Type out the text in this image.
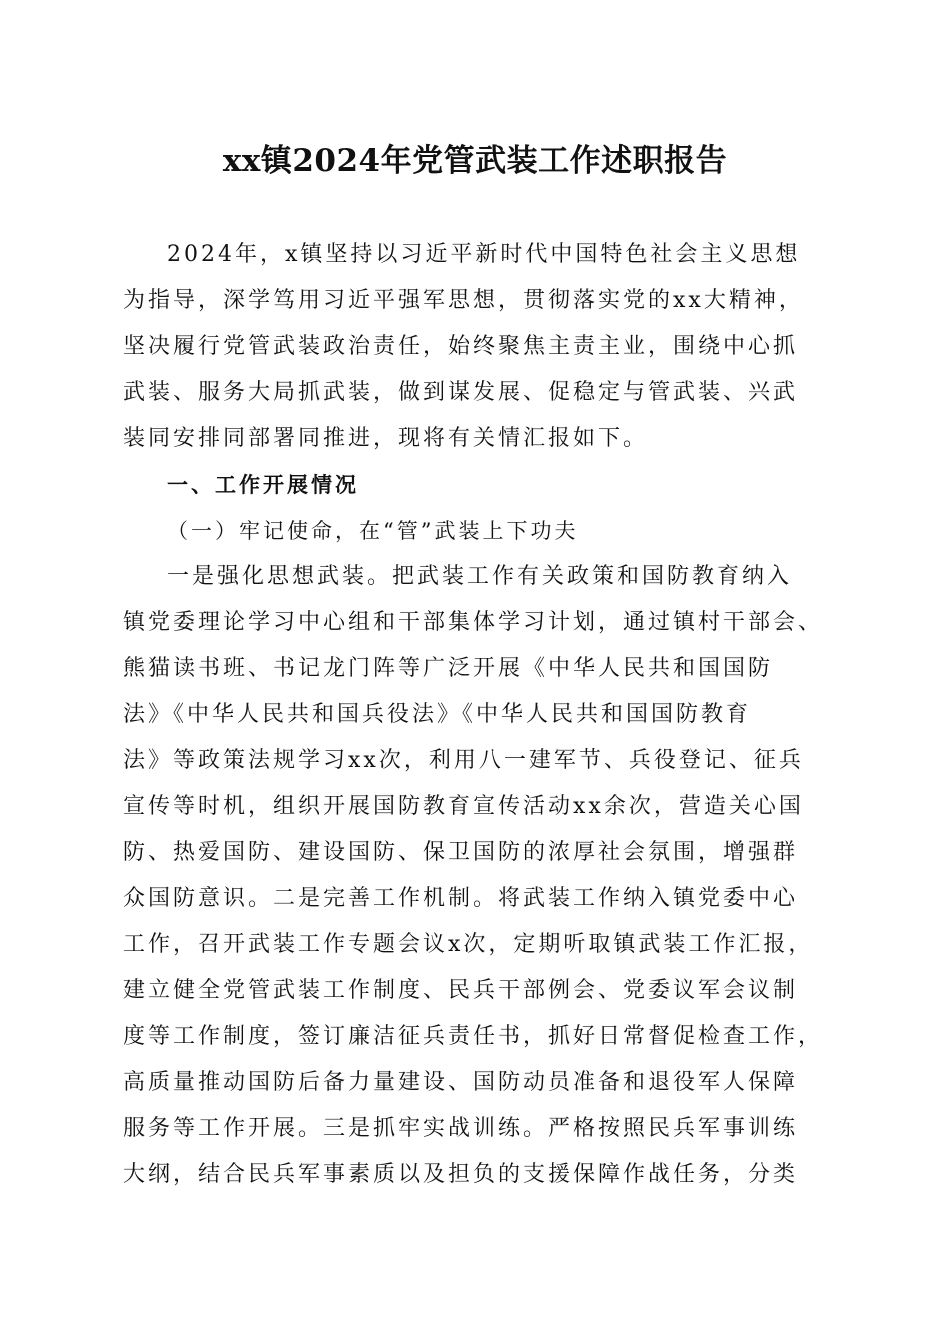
xx镇2024年党管武装工作述职报告
2024年，x镇坚持以习近平新时代中国特色社会主义思想
为指导，深学笃用习近平强军思想，贯彻落实党的xx大精神，
坚决履行党管武装政治责任，始终聚焦主责主业，围绕中心抓
武装、服务大局抓武装，做到谋发展、促稳定与管武装、兴武
装同安排同部署同推进，现将有关情汇报如下。
一、工作开展情况
（一）牢记使命，在“管”武装上下功夫
一是强化思想武装。把武装工作有关政策和国防教育纳入
镇党委理论学习中心组和干部集体学习计划，通过镇村干部会、
熊猫读书班、书记龙门阵等广泛开展《中华人民共和国国防
法》《中华人民共和国兵役法》《中华人民共和国国防教育
法》等政策法规学习xx次，利用八一建军节、兵役登记、征兵
宣传等时机，组织开展国防教育宣传活动xx余次，营造关心国
防、热爱国防、建设国防、保卫国防的浓厚社会氛围，增强群
众国防意识。二是完善工作机制。将武装工作纳入镇党委中心
工作，召开武装工作专题会议x次，定期听取镇武装工作汇报，
建立健全党管武装工作制度、民兵干部例会、党委议军会议制
度等工作制度，签订廉洁征兵责任书，抓好日常督促检查工作，
高质量推动国防后备力量建设、国防动员准备和退役军人保障
服务等工作开展。三是抓牢实战训练。严格按照民兵军事训练
大纲，结合民兵军事素质以及担负的支援保障作战任务，分类
